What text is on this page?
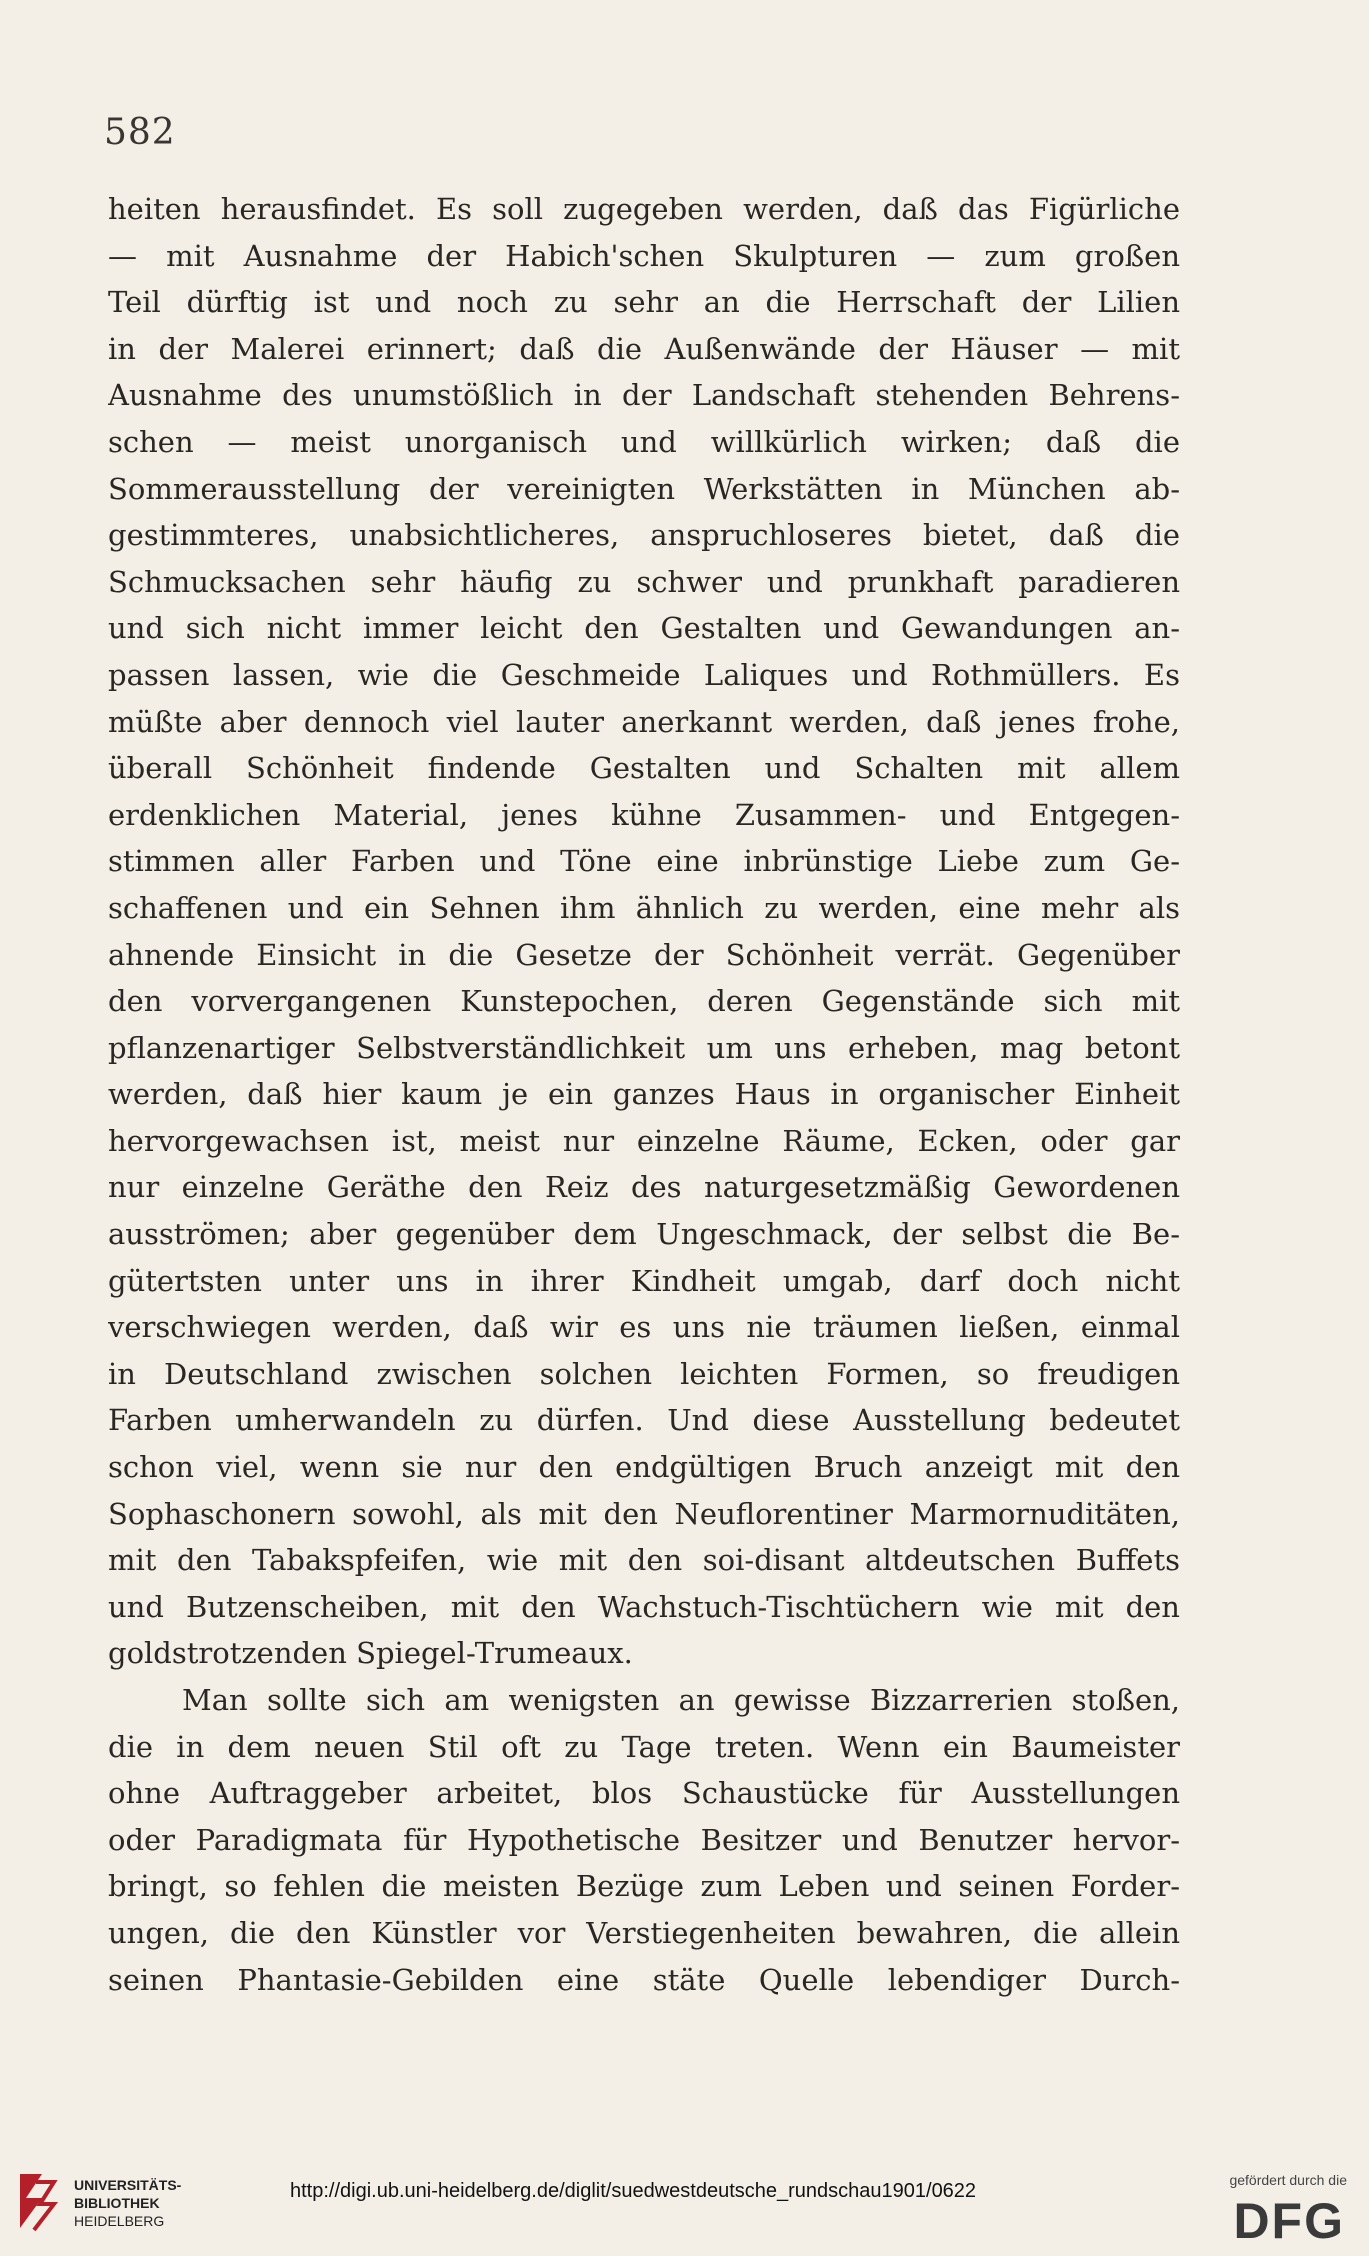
582
heiten herausfindet. Es soll zugegeben werden, daß das Figürliche
— mit Ausnahme der Habich'schen Skulpturen — zum großen
Teil dürftig ist und noch zu sehr an die Herrschaft der Lilien
in der Malerei erinnert; daß die Außenwände der Häuser — mit
Ausnahme des unumstößlich in der Landschaft stehenden Behrens-
schen — meist unorganisch und willkürlich wirken; daß die
Sommerausstellung der vereinigten Werkstätten in München ab-
gestimmteres, unabsichtlicheres, anspruchloseres bietet, daß die
Schmucksachen sehr häufig zu schwer und prunkhaft paradieren
und sich nicht immer leicht den Gestalten und Gewandungen an-
passen lassen, wie die Geschmeide Laliques und Rothmüllers. Es
müßte aber dennoch viel lauter anerkannt werden, daß jenes frohe,
überall Schönheit findende Gestalten und Schalten mit allem
erdenklichen Material, jenes kühne Zusammen- und Entgegen-
stimmen aller Farben und Töne eine inbrünstige Liebe zum Ge-
schaffenen und ein Sehnen ihm ähnlich zu werden, eine mehr als
ahnende Einsicht in die Gesetze der Schönheit verrät. Gegenüber
den vorvergangenen Kunstepochen, deren Gegenstände sich mit
pflanzenartiger Selbstverständlichkeit um uns erheben, mag betont
werden, daß hier kaum je ein ganzes Haus in organischer Einheit
hervorgewachsen ist, meist nur einzelne Räume, Ecken, oder gar
nur einzelne Geräthe den Reiz des naturgesetzmäßig Gewordenen
ausströmen; aber gegenüber dem Ungeschmack, der selbst die Be-
gütertsten unter uns in ihrer Kindheit umgab, darf doch nicht
verschwiegen werden, daß wir es uns nie träumen ließen, einmal
in Deutschland zwischen solchen leichten Formen, so freudigen
Farben umherwandeln zu dürfen. Und diese Ausstellung bedeutet
schon viel, wenn sie nur den endgültigen Bruch anzeigt mit den
Sophaschonern sowohl, als mit den Neuflorentiner Marmornuditäten,
mit den Tabakspfeifen, wie mit den soi-disant altdeutschen Buffets
und Butzenscheiben, mit den Wachstuch-Tischtüchern wie mit den
goldstrotzenden Spiegel-Trumeaux.
Man sollte sich am wenigsten an gewisse Bizzarrerien stoßen,
die in dem neuen Stil oft zu Tage treten. Wenn ein Baumeister
ohne Auftraggeber arbeitet, blos Schaustücke für Ausstellungen
oder Paradigmata für Hypothetische Besitzer und Benutzer hervor-
bringt, so fehlen die meisten Bezüge zum Leben und seinen Forder-
ungen, die den Künstler vor Verstiegenheiten bewahren, die allein
seinen Phantasie-Gebilden eine stäte Quelle lebendiger Durch-
UNIVERSITÄTS-
BIBLIOTHEK
HEIDELBERG
http://digi.ub.uni-heidelberg.de/diglit/suedwestdeutsche_rundschau1901/0622	gefördert durch die
DFG
